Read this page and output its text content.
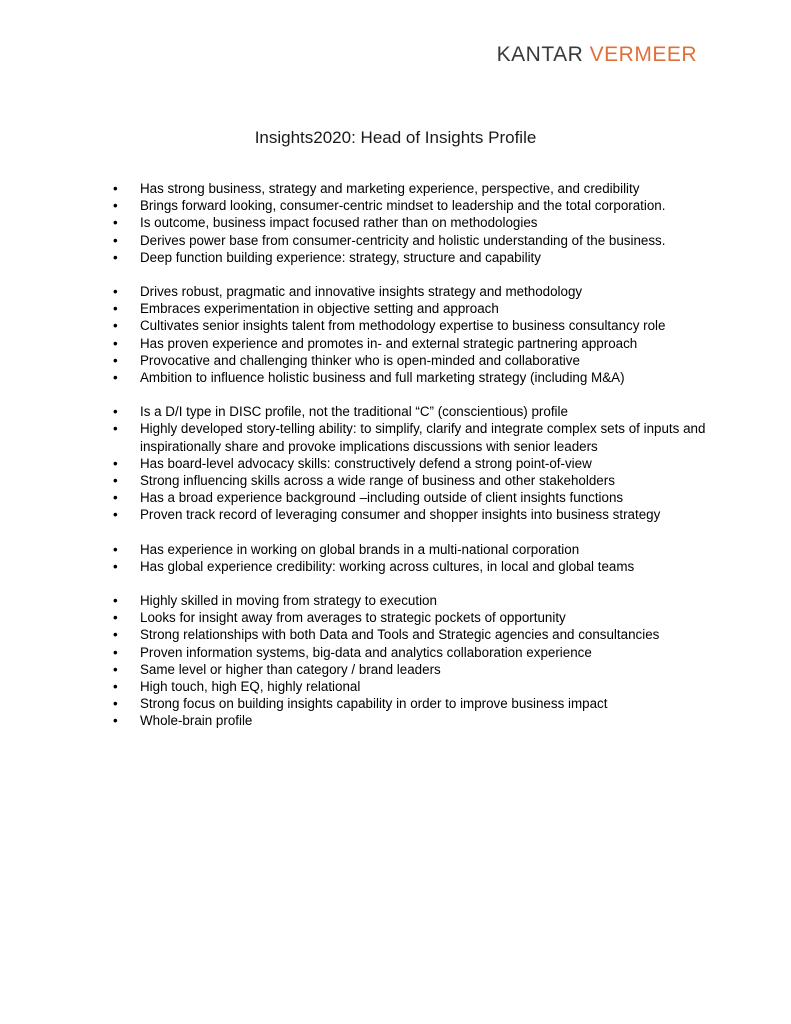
KANTAR VERMEER
Insights2020: Head of Insights Profile
• Has strong business, strategy and marketing experience, perspective, and credibility
• Brings forward looking, consumer-centric mindset to leadership and the total corporation.
• Is outcome, business impact focused rather than on methodologies
• Derives power base from consumer-centricity and holistic understanding of the business.
• Deep function building experience: strategy, structure and capability
• Drives robust, pragmatic and innovative insights strategy and methodology
• Embraces experimentation in objective setting and approach
• Cultivates senior insights talent from methodology expertise to business consultancy role
• Has proven experience and promotes in- and external strategic partnering approach
• Provocative and challenging thinker who is open-minded and collaborative
• Ambition to influence holistic business and full marketing strategy (including M&A)
• Is a D/I type in DISC profile, not the traditional “C” (conscientious) profile
• Highly developed story-telling ability: to simplify, clarify and integrate complex sets of inputs and inspirationally share and provoke implications discussions with senior leaders
• Has board-level advocacy skills: constructively defend a strong point-of-view
• Strong influencing skills across a wide range of business and other stakeholders
• Has a broad experience background –including outside of client insights functions
• Proven track record of leveraging consumer and shopper insights into business strategy
• Has experience in working on global brands in a multi-national corporation
• Has global experience credibility: working across cultures, in local and global teams
• Highly skilled in moving from strategy to execution
• Looks for insight away from averages to strategic pockets of opportunity
• Strong relationships with both Data and Tools and Strategic agencies and consultancies
• Proven information systems, big-data and analytics collaboration experience
• Same level or higher than category / brand leaders
• High touch, high EQ, highly relational
• Strong focus on building insights capability in order to improve business impact
• Whole-brain profile
